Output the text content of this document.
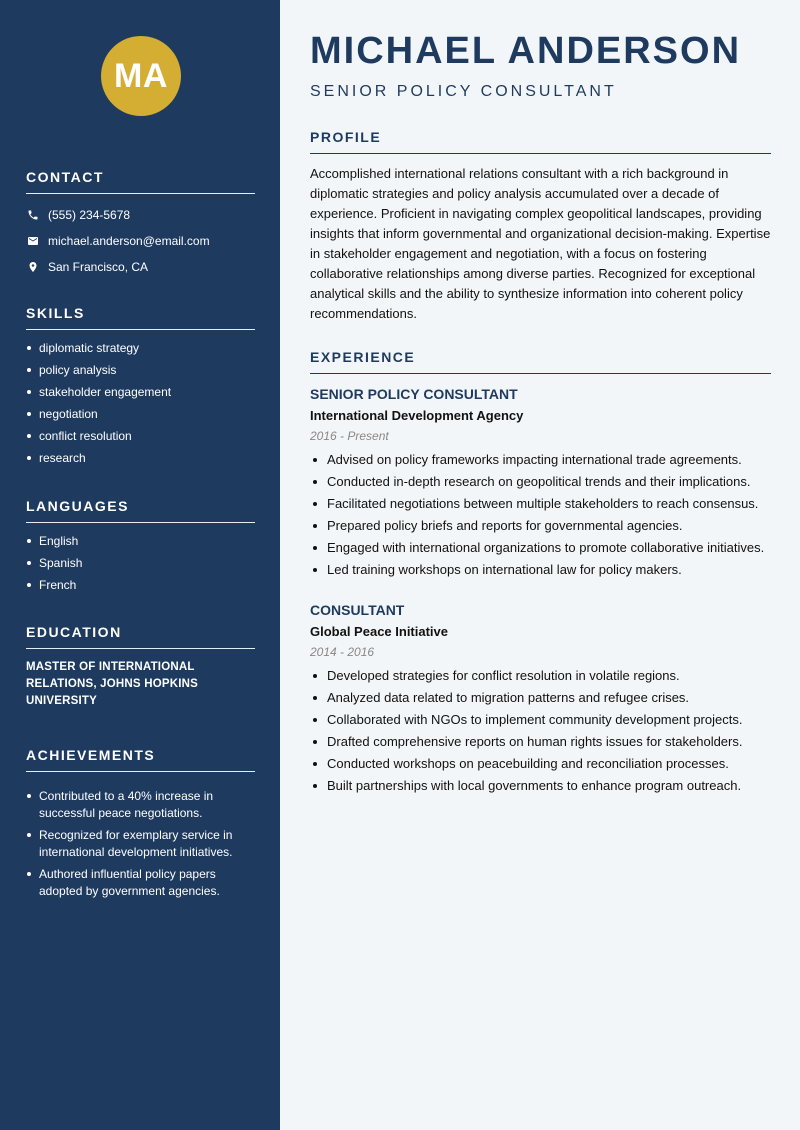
MA
CONTACT
(555) 234-5678
michael.anderson@email.com
San Francisco, CA
SKILLS
diplomatic strategy
policy analysis
stakeholder engagement
negotiation
conflict resolution
research
LANGUAGES
English
Spanish
French
EDUCATION
MASTER OF INTERNATIONAL RELATIONS, JOHNS HOPKINS UNIVERSITY
ACHIEVEMENTS
Contributed to a 40% increase in successful peace negotiations.
Recognized for exemplary service in international development initiatives.
Authored influential policy papers adopted by government agencies.
MICHAEL ANDERSON
SENIOR POLICY CONSULTANT
PROFILE
Accomplished international relations consultant with a rich background in diplomatic strategies and policy analysis accumulated over a decade of experience. Proficient in navigating complex geopolitical landscapes, providing insights that inform governmental and organizational decision-making. Expertise in stakeholder engagement and negotiation, with a focus on fostering collaborative relationships among diverse parties. Recognized for exceptional analytical skills and the ability to synthesize information into coherent policy recommendations.
EXPERIENCE
SENIOR POLICY CONSULTANT
International Development Agency
2016 - Present
Advised on policy frameworks impacting international trade agreements.
Conducted in-depth research on geopolitical trends and their implications.
Facilitated negotiations between multiple stakeholders to reach consensus.
Prepared policy briefs and reports for governmental agencies.
Engaged with international organizations to promote collaborative initiatives.
Led training workshops on international law for policy makers.
CONSULTANT
Global Peace Initiative
2014 - 2016
Developed strategies for conflict resolution in volatile regions.
Analyzed data related to migration patterns and refugee crises.
Collaborated with NGOs to implement community development projects.
Drafted comprehensive reports on human rights issues for stakeholders.
Conducted workshops on peacebuilding and reconciliation processes.
Built partnerships with local governments to enhance program outreach.
